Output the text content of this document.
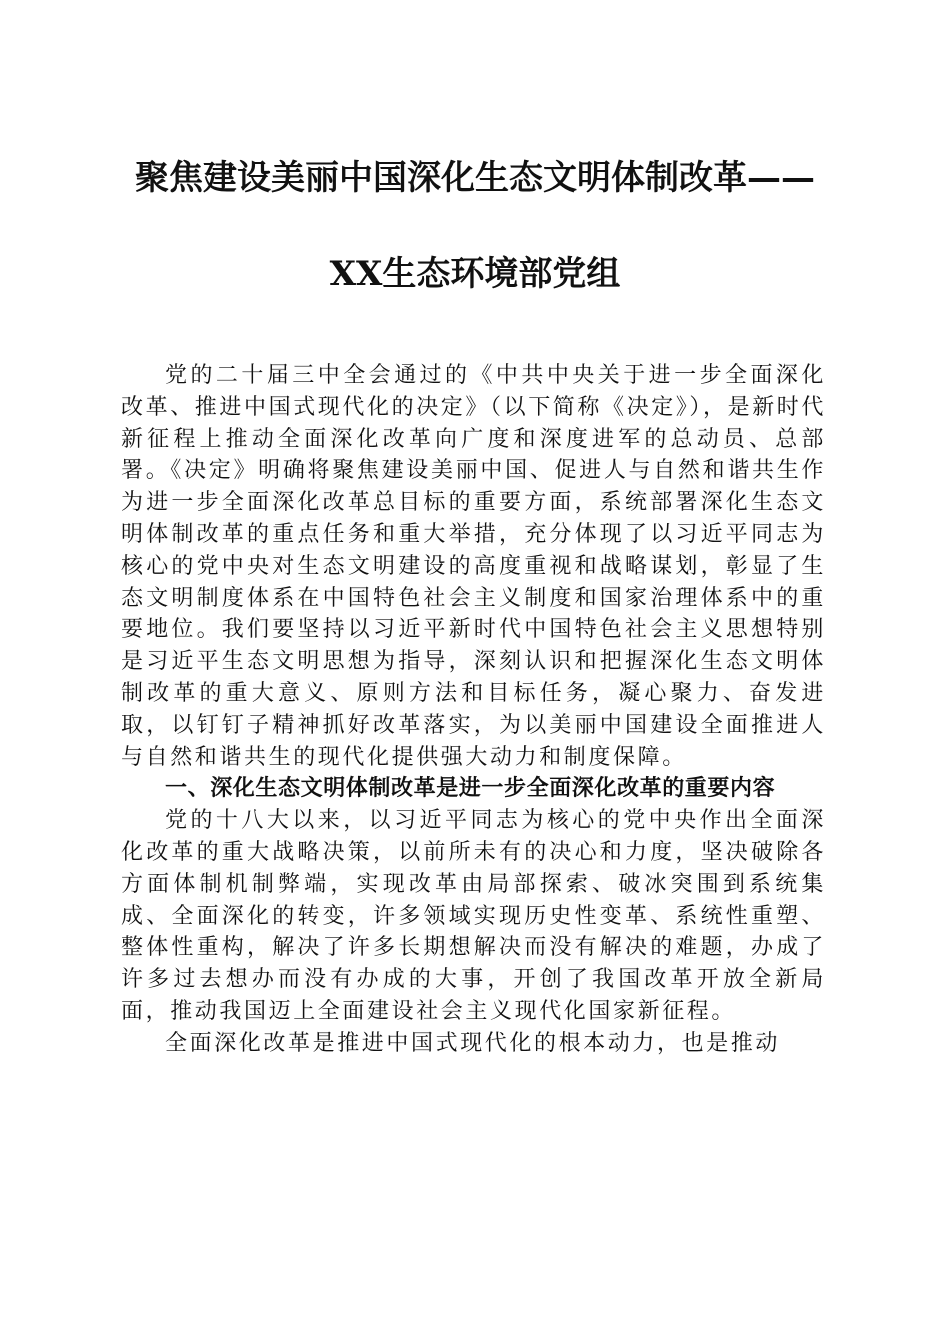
聚焦建设美丽中国深化生态文明体制改革——
XX生态环境部党组

党的二十届三中全会通过的《中共中央关于进一步全面深化改革、推进中国式现代化的决定》（以下简称《决定》），是新时代新征程上推动全面深化改革向广度和深度进军的总动员、总部署。《决定》明确将聚焦建设美丽中国、促进人与自然和谐共生作为进一步全面深化改革总目标的重要方面，系统部署深化生态文明体制改革的重点任务和重大举措，充分体现了以习近平同志为核心的党中央对生态文明建设的高度重视和战略谋划，彰显了生态文明制度体系在中国特色社会主义制度和国家治理体系中的重要地位。我们要坚持以习近平新时代中国特色社会主义思想特别是习近平生态文明思想为指导，深刻认识和把握深化生态文明体制改革的重大意义、原则方法和目标任务，凝心聚力、奋发进取，以钉钉子精神抓好改革落实，为以美丽中国建设全面推进人与自然和谐共生的现代化提供强大动力和制度保障。

一、深化生态文明体制改革是进一步全面深化改革的重要内容

党的十八大以来，以习近平同志为核心的党中央作出全面深化改革的重大战略决策，以前所未有的决心和力度，坚决破除各方面体制机制弊端，实现改革由局部探索、破冰突围到系统集成、全面深化的转变，许多领域实现历史性变革、系统性重塑、整体性重构，解决了许多长期想解决而没有解决的难题，办成了许多过去想办而没有办成的大事，开创了我国改革开放全新局面，推动我国迈上全面建设社会主义现代化国家新征程。

全面深化改革是推进中国式现代化的根本动力，也是推动
